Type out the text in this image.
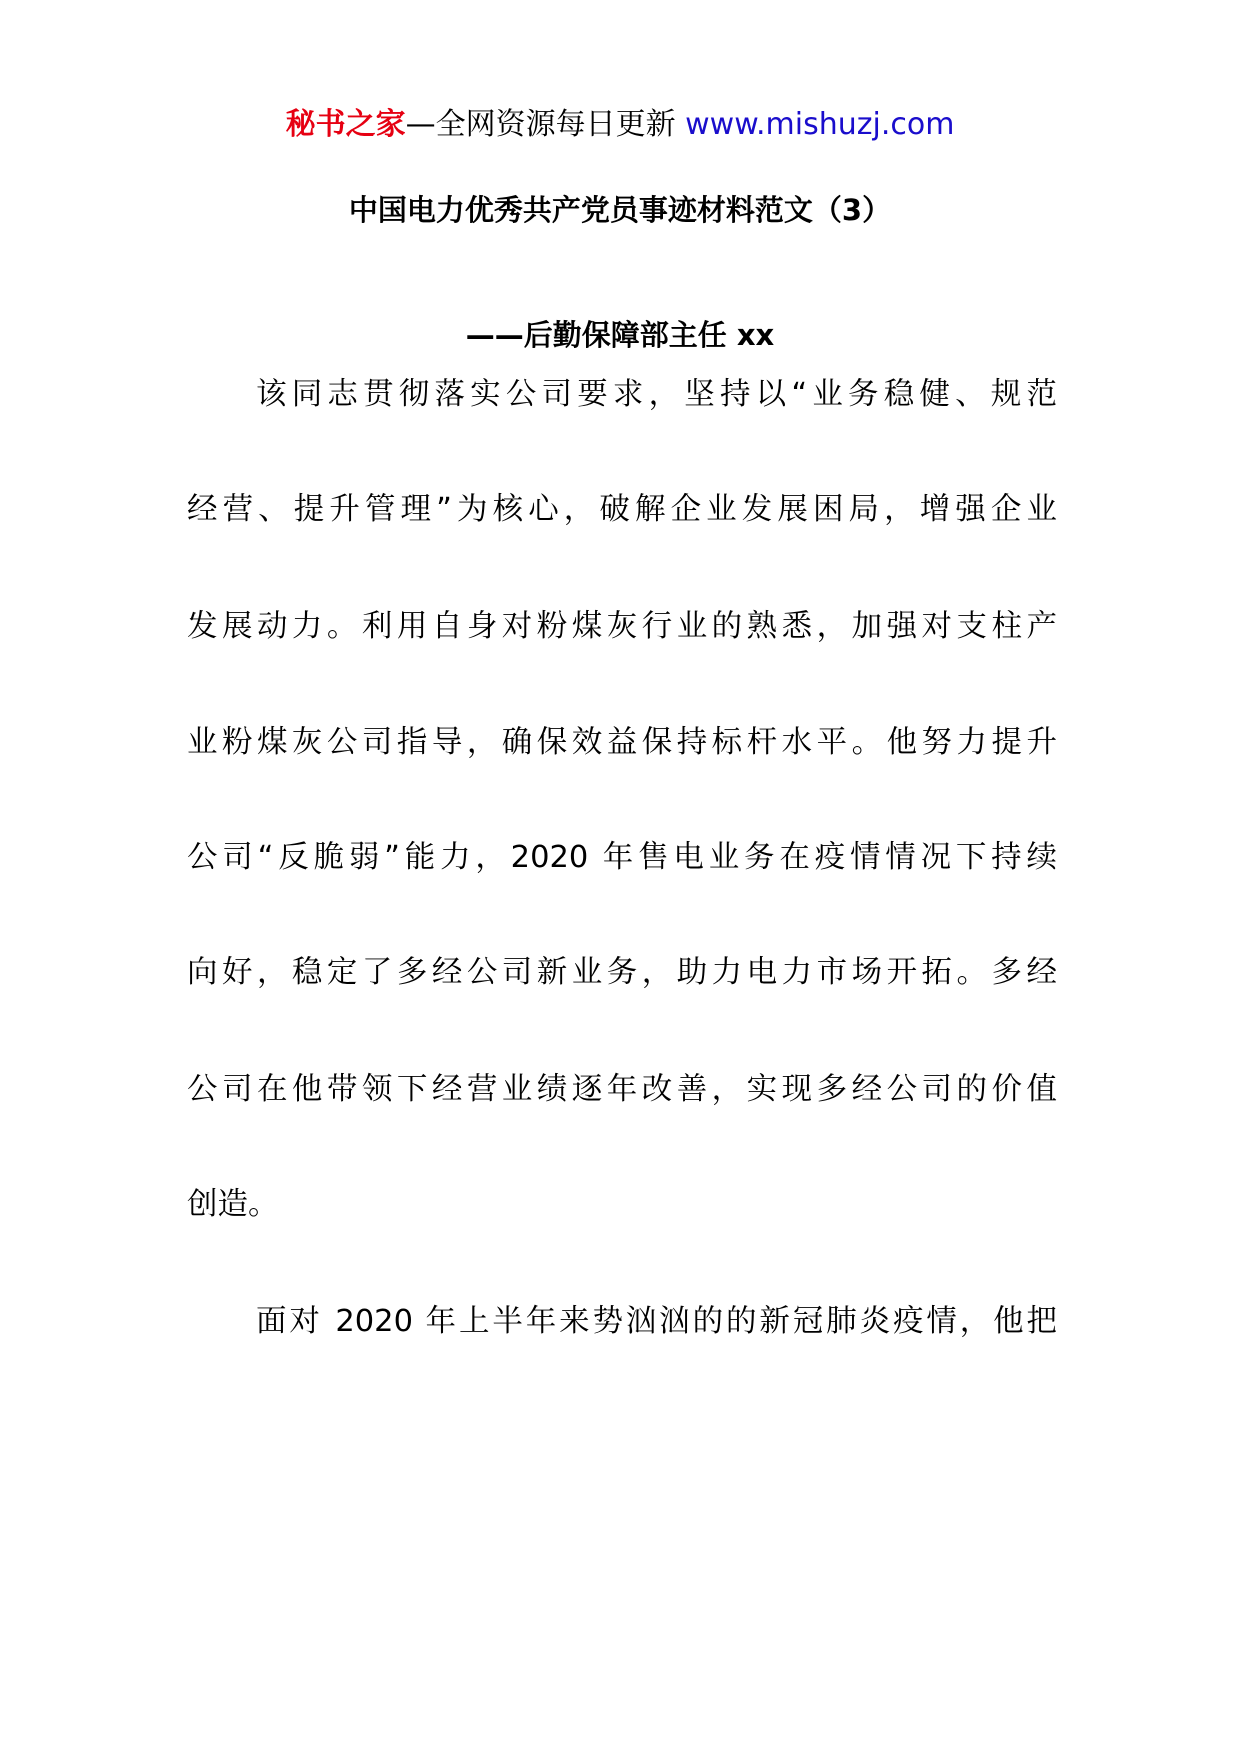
秘书之家—全网资源每日更新 www.mishuzj.com
中国电力优秀共产党员事迹材料范文（3）
——后勤保障部主任 xx
该同志贯彻落实公司要求，坚持以“业务稳健、规范
经营、提升管理”为核心，破解企业发展困局，增强企业
发展动力。利用自身对粉煤灰行业的熟悉，加强对支柱产
业粉煤灰公司指导，确保效益保持标杆水平。他努力提升
公司“反脆弱”能力，2020 年售电业务在疫情情况下持续
向好，稳定了多经公司新业务，助力电力市场开拓。多经
公司在他带领下经营业绩逐年改善，实现多经公司的价值
创造。
面对 2020 年上半年来势汹汹的的新冠肺炎疫情，他把
